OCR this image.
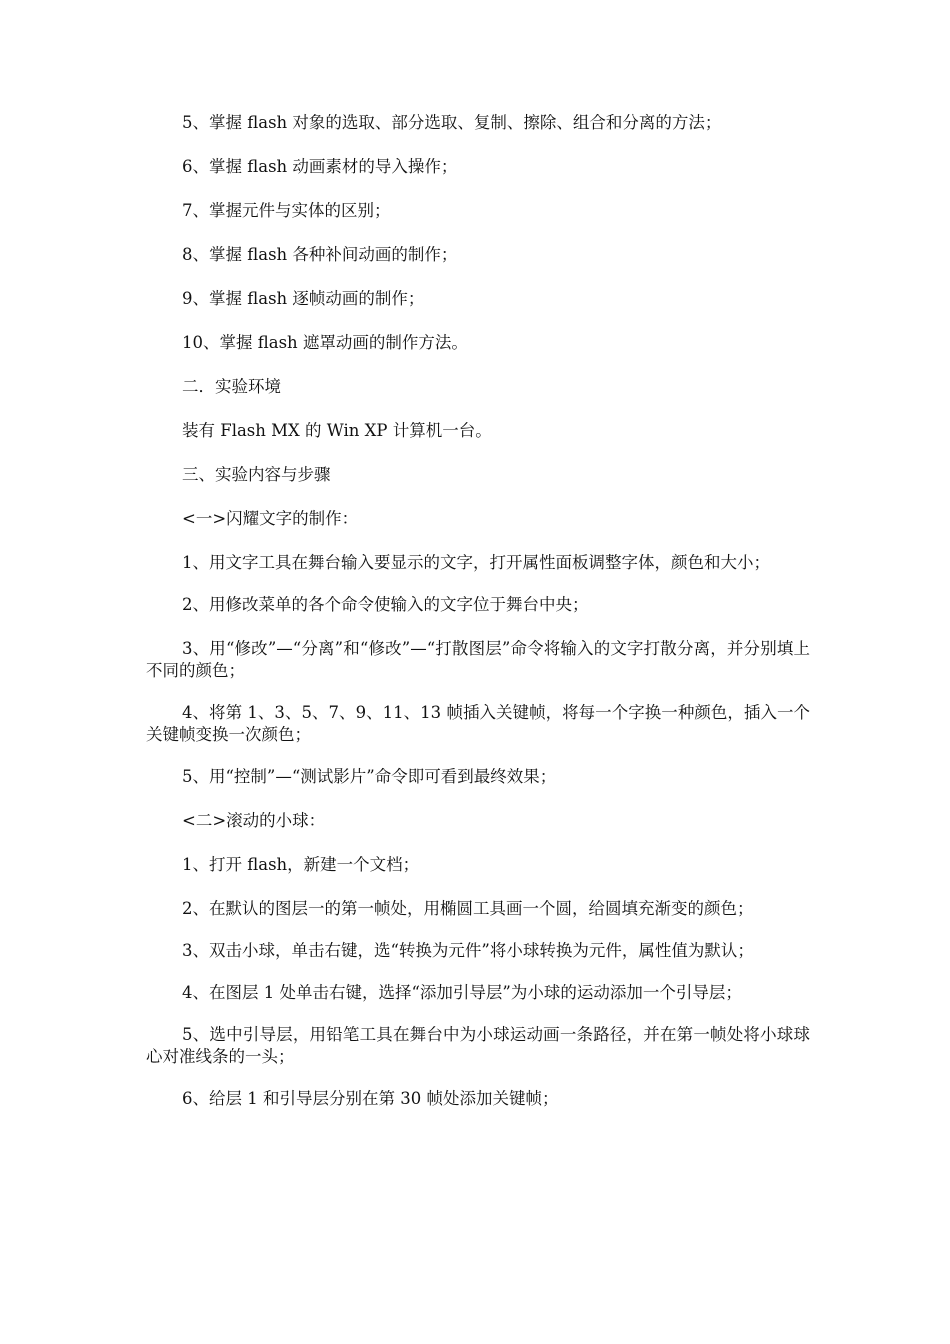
5、掌握 flash 对象的选取、部分选取、复制、擦除、组合和分离的方法；

6、掌握 flash 动画素材的导入操作；

7、掌握元件与实体的区别；

8、掌握 flash 各种补间动画的制作；

9、掌握 flash 逐帧动画的制作；

10、掌握 flash 遮罩动画的制作方法。

二．实验环境

装有 Flash MX 的 Win XP 计算机一台。

三、实验内容与步骤

<一>闪耀文字的制作：

1、用文字工具在舞台输入要显示的文字，打开属性面板调整字体，颜色和大小；

2、用修改菜单的各个命令使输入的文字位于舞台中央；

3、用“修改”—“分离”和“修改”—“打散图层”命令将输入的文字打散分离，并分别填上不同的颜色；

4、将第 1、3、5、7、9、11、13 帧插入关键帧，将每一个字换一种颜色，插入一个关键帧变换一次颜色；

5、用“控制”—“测试影片”命令即可看到最终效果；

<二>滚动的小球：

1、打开 flash，新建一个文档；

2、在默认的图层一的第一帧处，用椭圆工具画一个圆，给圆填充渐变的颜色；

3、双击小球，单击右键，选“转换为元件”将小球转换为元件，属性值为默认；

4、在图层 1 处单击右键，选择“添加引导层”为小球的运动添加一个引导层；

5、选中引导层，用铅笔工具在舞台中为小球运动画一条路径，并在第一帧处将小球球心对准线条的一头；

6、给层 1 和引导层分别在第 30 帧处添加关键帧；
